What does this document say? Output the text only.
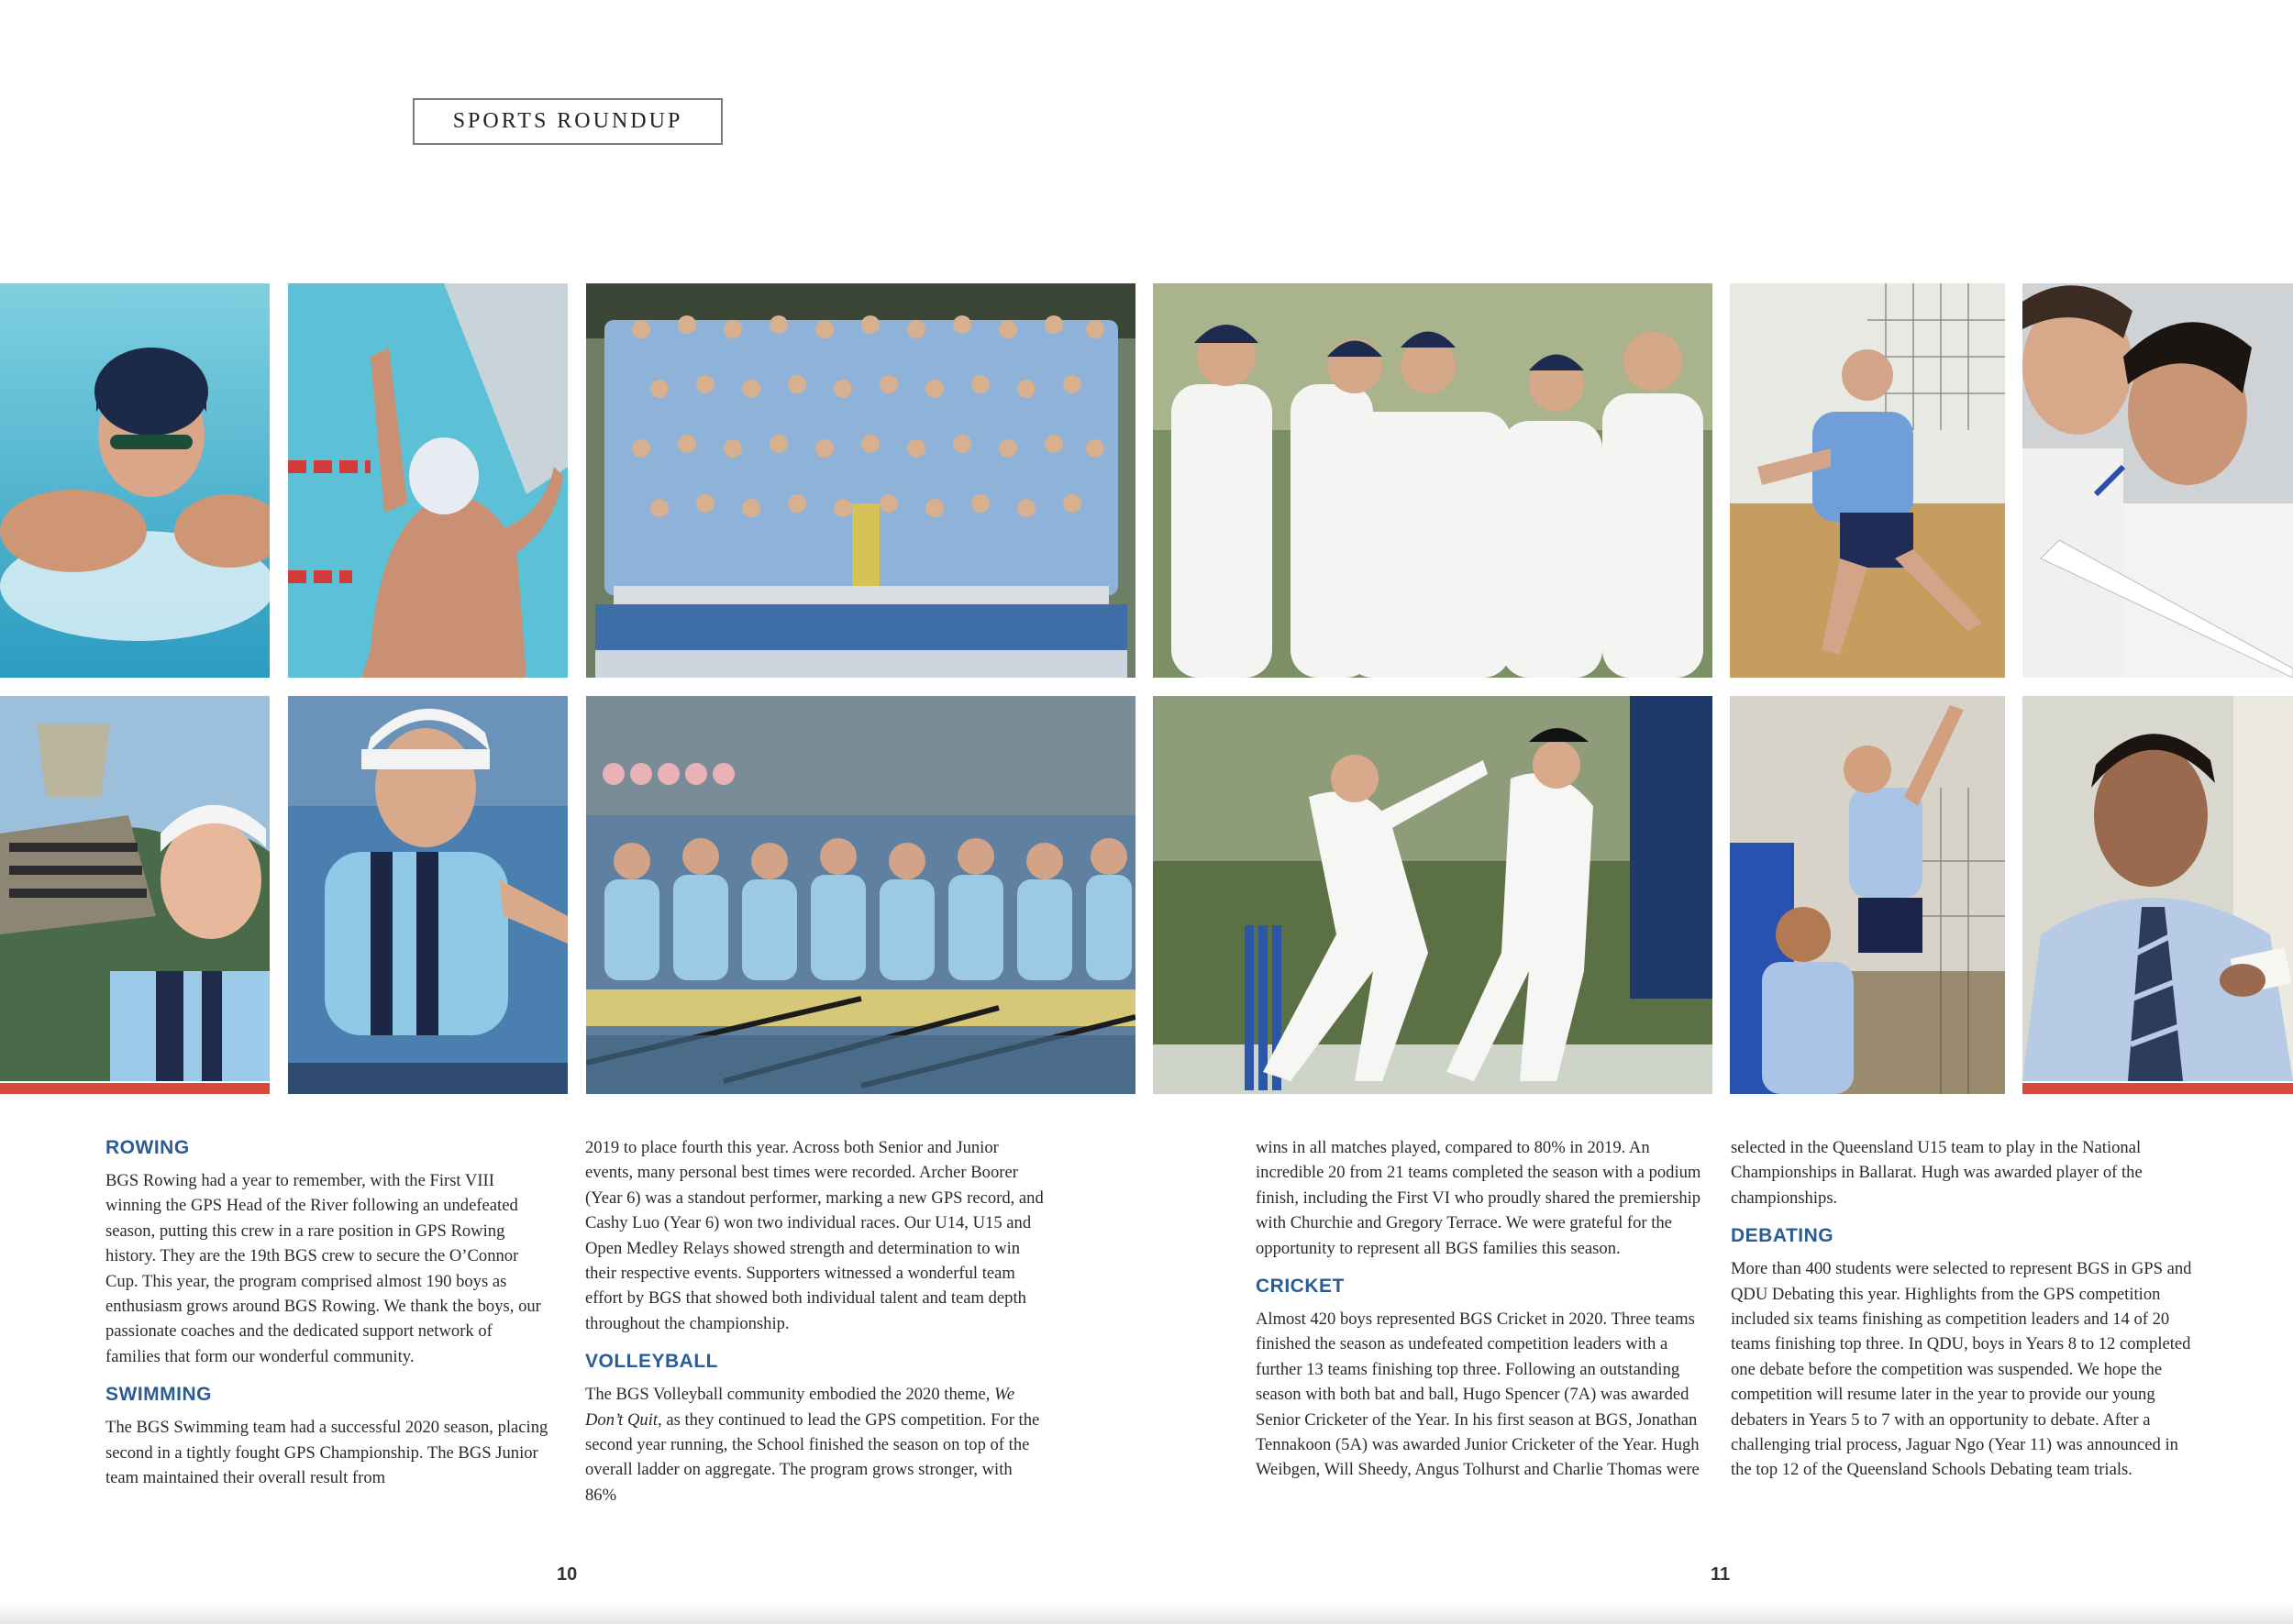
SPORTS ROUNDUP
ROWING

BGS Rowing had a year to remember, with the First VIII winning the GPS Head of the River following an undefeated season, putting this crew in a rare position in GPS Rowing history. They are the 19th BGS crew to secure the O’Connor Cup. This year, the program comprised almost 190 boys as enthusiasm grows around BGS Rowing. We thank the boys, our passionate coaches and the dedicated support network of families that form our wonderful community.

SWIMMING

The BGS Swimming team had a successful 2020 season, placing second in a tightly fought GPS Championship. The BGS Junior team maintained their overall result from

2019 to place fourth this year. Across both Senior and Junior events, many personal best times were recorded. Archer Boorer (Year 6) was a standout performer, marking a new GPS record, and Cashy Luo (Year 6) won two individual races. Our U14, U15 and Open Medley Relays showed strength and determination to win their respective events. Supporters witnessed a wonderful team effort by BGS that showed both individual talent and team depth throughout the championship.

VOLLEYBALL

The BGS Volleyball community embodied the 2020 theme, We Don’t Quit, as they continued to lead the GPS competition. For the second year running, the School finished the season on top of the overall ladder on aggregate. The program grows stronger, with 86%

wins in all matches played, compared to 80% in 2019. An incredible 20 from 21 teams completed the season with a podium finish, including the First VI who proudly shared the premiership with Churchie and Gregory Terrace. We were grateful for the opportunity to represent all BGS families this season.

CRICKET

Almost 420 boys represented BGS Cricket in 2020. Three teams finished the season as undefeated competition leaders with a further 13 teams finishing top three. Following an outstanding season with both bat and ball, Hugo Spencer (7A) was awarded Senior Cricketer of the Year. In his first season at BGS, Jonathan Tennakoon (5A) was awarded Junior Cricketer of the Year. Hugh Weibgen, Will Sheedy, Angus Tolhurst and Charlie Thomas were

selected in the Queensland U15 team to play in the National Championships in Ballarat. Hugh was awarded player of the championships.

DEBATING

More than 400 students were selected to represent BGS in GPS and QDU Debating this year. Highlights from the GPS competition included six teams finishing as competition leaders and 14 of 20 teams finishing top three. In QDU, boys in Years 8 to 12 completed one debate before the competition was suspended. We hope the competition will resume later in the year to provide our young debaters in Years 5 to 7 with an opportunity to debate. After a challenging trial process, Jaguar Ngo (Year 11) was announced in the top 12 of the Queensland Schools Debating team trials.

10	11
